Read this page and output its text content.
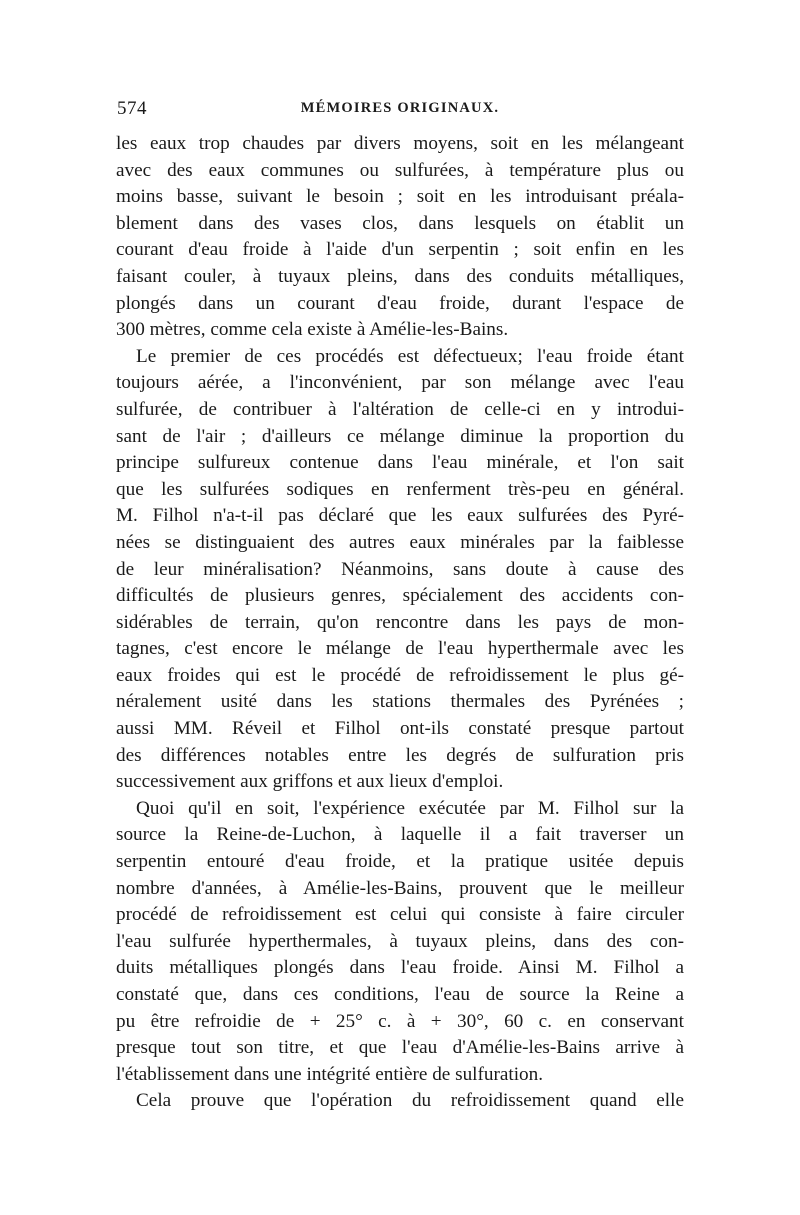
574	MÉMOIRES ORIGINAUX.
les eaux trop chaudes par divers moyens, soit en les mélangeant
avec des eaux communes ou sulfurées, à température plus ou
moins basse, suivant le besoin ; soit en les introduisant préala-
blement dans des vases clos, dans lesquels on établit un
courant d'eau froide à l'aide d'un serpentin ; soit enfin en les
faisant couler, à tuyaux pleins, dans des conduits métalliques,
plongés dans un courant d'eau froide, durant l'espace de
300 mètres, comme cela existe à Amélie-les-Bains.
Le premier de ces procédés est défectueux; l'eau froide étant
toujours aérée, a l'inconvénient, par son mélange avec l'eau
sulfurée, de contribuer à l'altération de celle-ci en y introdui-
sant de l'air ; d'ailleurs ce mélange diminue la proportion du
principe sulfureux contenue dans l'eau minérale, et l'on sait
que les sulfurées sodiques en renferment très-peu en général.
M. Filhol n'a-t-il pas déclaré que les eaux sulfurées des Pyré-
nées se distinguaient des autres eaux minérales par la faiblesse
de leur minéralisation? Néanmoins, sans doute à cause des
difficultés de plusieurs genres, spécialement des accidents con-
sidérables de terrain, qu'on rencontre dans les pays de mon-
tagnes, c'est encore le mélange de l'eau hyperthermale avec les
eaux froides qui est le procédé de refroidissement le plus gé-
néralement usité dans les stations thermales des Pyrénées ;
aussi MM. Réveil et Filhol ont-ils constaté presque partout
des différences notables entre les degrés de sulfuration pris
successivement aux griffons et aux lieux d'emploi.
Quoi qu'il en soit, l'expérience exécutée par M. Filhol sur la
source la Reine-de-Luchon, à laquelle il a fait traverser un
serpentin entouré d'eau froide, et la pratique usitée depuis
nombre d'années, à Amélie-les-Bains, prouvent que le meilleur
procédé de refroidissement est celui qui consiste à faire circuler
l'eau sulfurée hyperthermales, à tuyaux pleins, dans des con-
duits métalliques plongés dans l'eau froide. Ainsi M. Filhol a
constaté que, dans ces conditions, l'eau de source la Reine a
pu être refroidie de + 25° c. à + 30°, 60 c. en conservant
presque tout son titre, et que l'eau d'Amélie-les-Bains arrive à
l'établissement dans une intégrité entière de sulfuration.
Cela prouve que l'opération du refroidissement quand elle
